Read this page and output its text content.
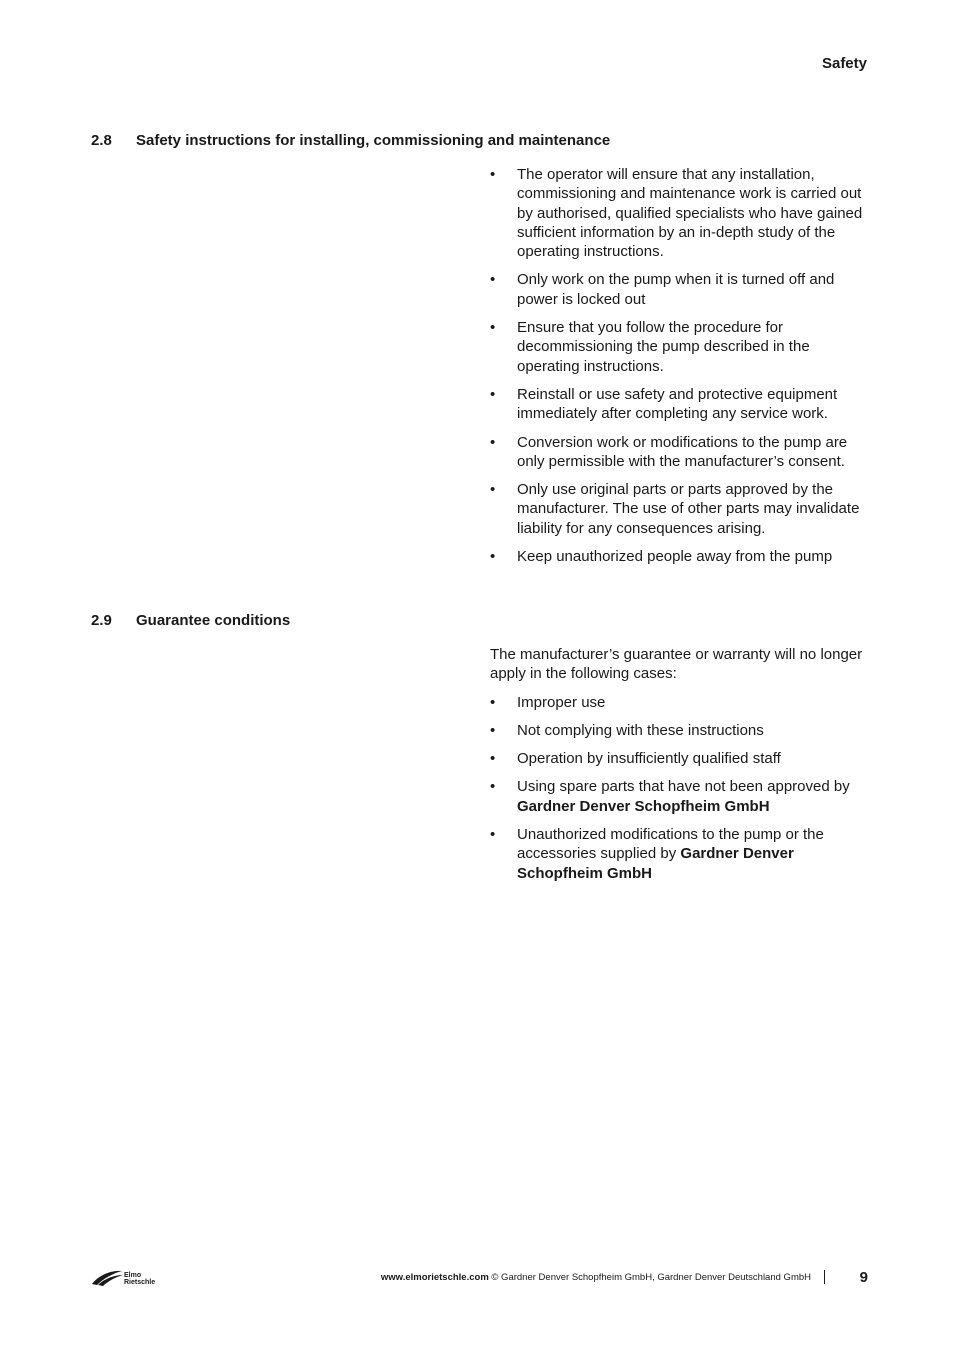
Safety
2.8 Safety instructions for installing, commissioning and maintenance
•	The operator will ensure that any installation, commissioning and maintenance work is carried out by authorised, qualified specialists who have gained sufficient information by an in-depth study of the operating instructions.
•	Only work on the pump when it is turned off and power is locked out
•	Ensure that you follow the procedure for decommissioning the pump described in the operating instructions.
•	Reinstall or use safety and protective equipment immediately after completing any service work.
•	Conversion work or modifications to the pump are only permissible with the manufacturer’s consent.
•	Only use original parts or parts approved by the manufacturer. The use of other parts may invalidate liability for any consequences arising.
•	Keep unauthorized people away from the pump
2.9 Guarantee conditions

The manufacturer’s guarantee or warranty will no longer apply in the following cases:

•	Improper use
•	Not complying with these instructions
•	Operation by insufficiently qualified staff
•	Using spare parts that have not been approved by Gardner Denver Schopfheim GmbH
•	Unauthorized modifications to the pump or the accessories supplied by Gardner Denver Schopfheim GmbH
Elmo
Rietschle	www.elmorietschle.com © Gardner Denver Schopfheim GmbH, Gardner Denver Deutschland GmbH	9
